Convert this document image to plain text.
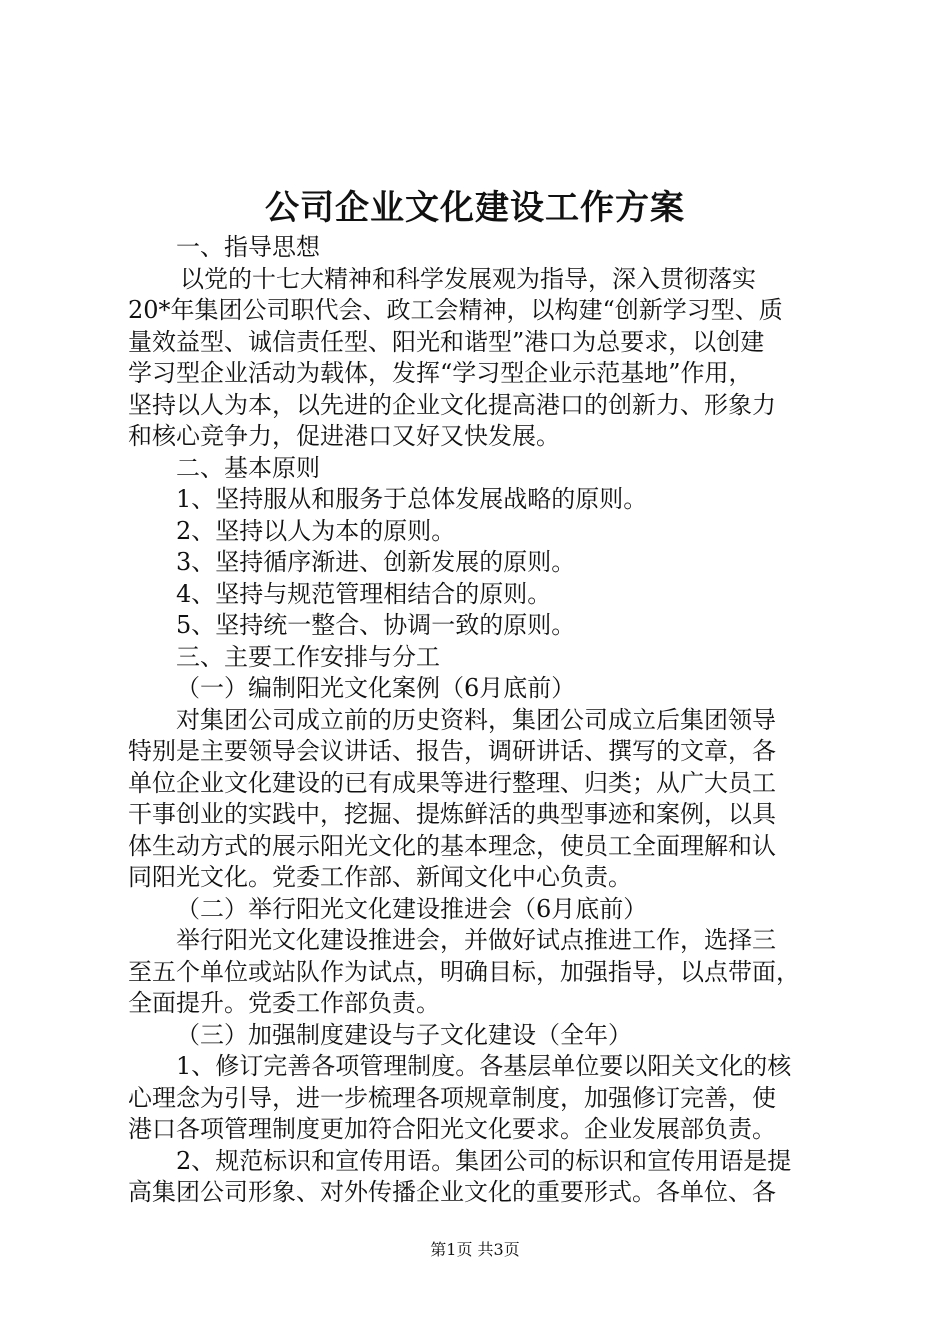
公司企业文化建设工作方案
一、指导思想
以党的十七大精神和科学发展观为指导，深入贯彻落实
20*年集团公司职代会、政工会精神，以构建“创新学习型、质
量效益型、诚信责任型、阳光和谐型”港口为总要求，以创建
学习型企业活动为载体，发挥“学习型企业示范基地”作用，
坚持以人为本，以先进的企业文化提高港口的创新力、形象力
和核心竞争力，促进港口又好又快发展。
二、基本原则
1、坚持服从和服务于总体发展战略的原则。
2、坚持以人为本的原则。
3、坚持循序渐进、创新发展的原则。
4、坚持与规范管理相结合的原则。
5、坚持统一整合、协调一致的原则。
三、主要工作安排与分工
（一）编制阳光文化案例（6月底前）
对集团公司成立前的历史资料，集团公司成立后集团领导
特别是主要领导会议讲话、报告，调研讲话、撰写的文章，各
单位企业文化建设的已有成果等进行整理、归类；从广大员工
干事创业的实践中，挖掘、提炼鲜活的典型事迹和案例，以具
体生动方式的展示阳光文化的基本理念，使员工全面理解和认
同阳光文化。党委工作部、新闻文化中心负责。
（二）举行阳光文化建设推进会（6月底前）
举行阳光文化建设推进会，并做好试点推进工作，选择三
至五个单位或站队作为试点，明确目标，加强指导，以点带面，
全面提升。党委工作部负责。
（三）加强制度建设与子文化建设（全年）
1、修订完善各项管理制度。各基层单位要以阳关文化的核
心理念为引导，进一步梳理各项规章制度，加强修订完善，使
港口各项管理制度更加符合阳光文化要求。企业发展部负责。
2、规范标识和宣传用语。集团公司的标识和宣传用语是提
高集团公司形象、对外传播企业文化的重要形式。各单位、各
第1页 共3页
